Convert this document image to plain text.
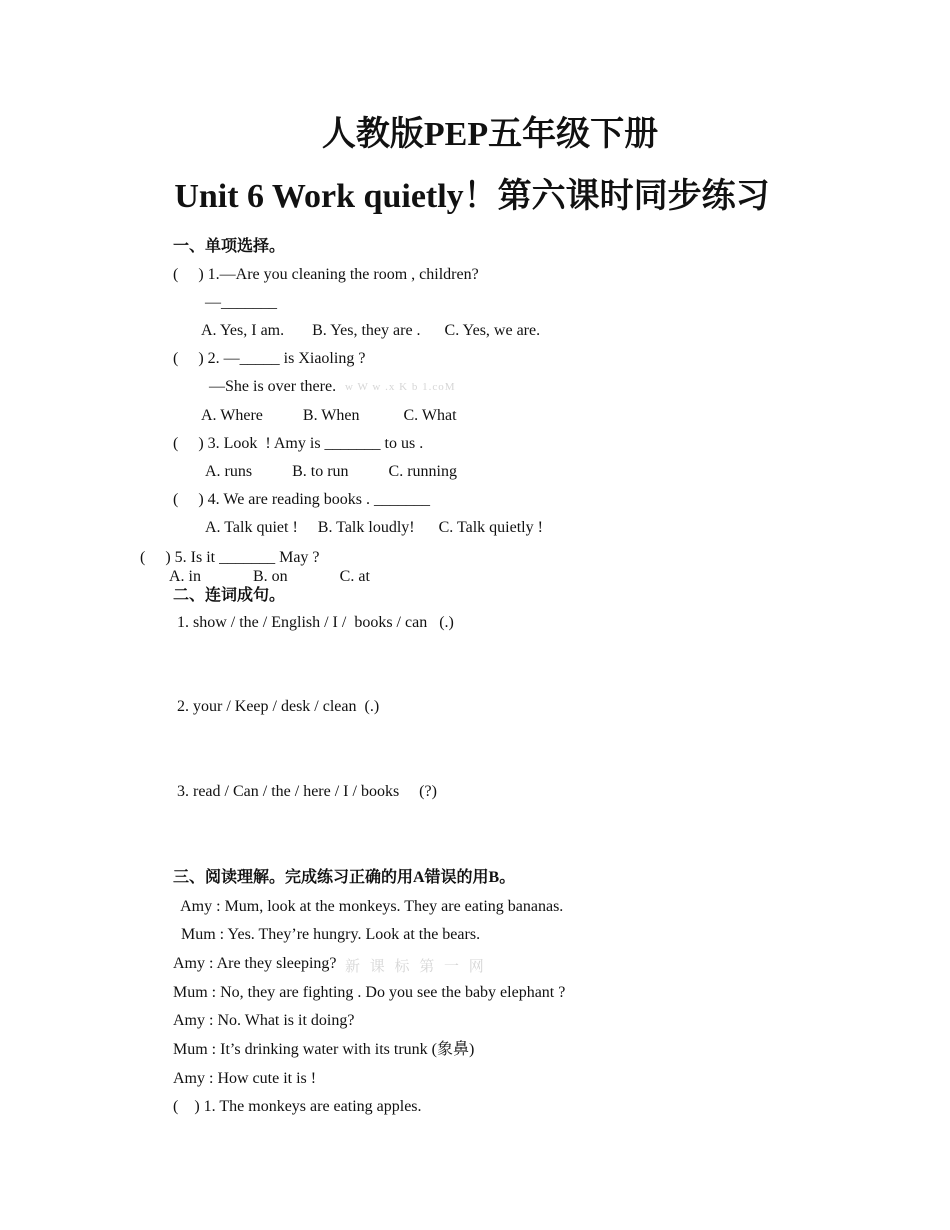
人教版PEP五年级下册
Unit 6 Work quietly！第六课时同步练习
一、单项选择。
(     ) 1.—Are you cleaning the room , children?
—_______
A. Yes, I am.       B. Yes, they are .      C. Yes, we are.
(     ) 2. —_____ is Xiaoling ?
—She is over there. w W w .x K b 1.coM
A. Where          B. When           C. What
(     ) 3. Look  ! Amy is _______ to us .
A. runs          B. to run          C. running
(     ) 4. We are reading books . _______
A. Talk quiet !     B. Talk loudly!      C. Talk quietly !
(     ) 5. Is it _______ May ?
A. in             B. on             C. at
二、连词成句。
1. show / the / English / I /  books / can   (.)
2. your / Keep / desk / clean  (.)
3. read / Can / the / here / I / books     (?)
三、阅读理解。完成练习正确的用A错误的用B。
Amy : Mum, look at the monkeys. They are eating bananas.
Mum : Yes. They’re hungry. Look at the bears.
Amy : Are they sleeping? 新 课 标 第 一 网
Mum : No, they are fighting . Do you see the baby elephant ?
Amy : No. What is it doing?
Mum : It’s drinking water with its trunk (象鼻)
Amy : How cute it is !
(    ) 1. The monkeys are eating apples.
